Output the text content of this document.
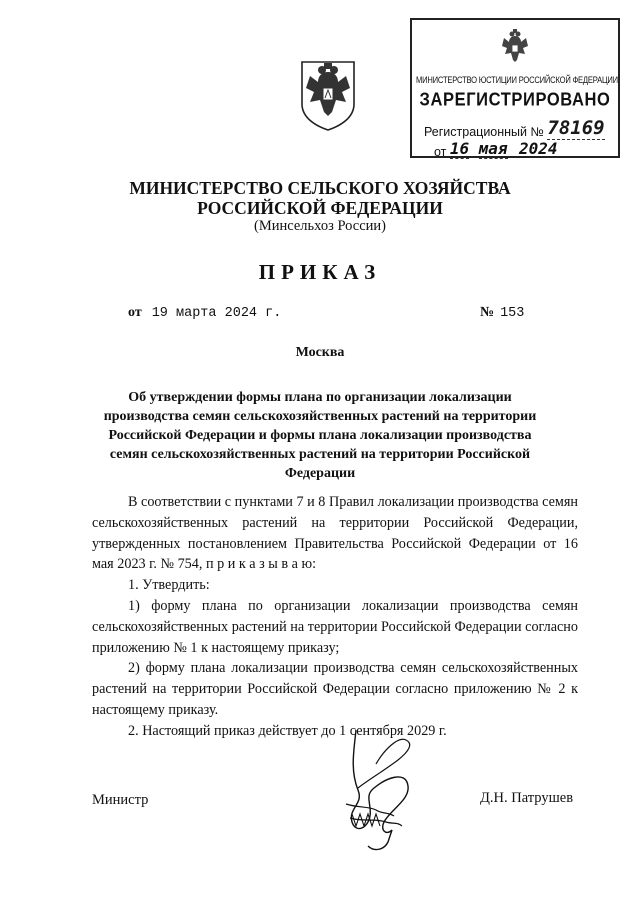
МИНИСТЕРСТВО ЮСТИЦИИ РОССИЙСКОЙ ФЕДЕРАЦИИ
ЗАРЕГИСТРИРОВАНО
Регистрационный № 78169
от 16 мая 2024
МИНИСТЕРСТВО СЕЛЬСКОГО ХОЗЯЙСТВА
РОССИЙСКОЙ ФЕДЕРАЦИИ
(Минсельхоз России)
ПРИКАЗ
от 19 марта 2024 г.	№ 153
Москва
Об утверждении формы плана по организации локализации производства семян сельскохозяйственных растений на территории Российской Федерации и формы плана локализации производства семян сельскохозяйственных растений на территории Российской Федерации

В соответствии с пунктами 7 и 8 Правил локализации производства семян сельскохозяйственных растений на территории Российской Федерации, утвержденных постановлением Правительства Российской Федерации от 16 мая 2023 г. № 754, п р и к а з ы в а ю:

1. Утвердить:

1) форму плана по организации локализации производства семян сельскохозяйственных растений на территории Российской Федерации согласно приложению № 1 к настоящему приказу;

2) форму плана локализации производства семян сельскохозяйственных растений на территории Российской Федерации согласно приложению № 2 к настоящему приказу.

2. Настоящий приказ действует до 1 сентября 2029 г.

Министр	Д.Н. Патрушев
